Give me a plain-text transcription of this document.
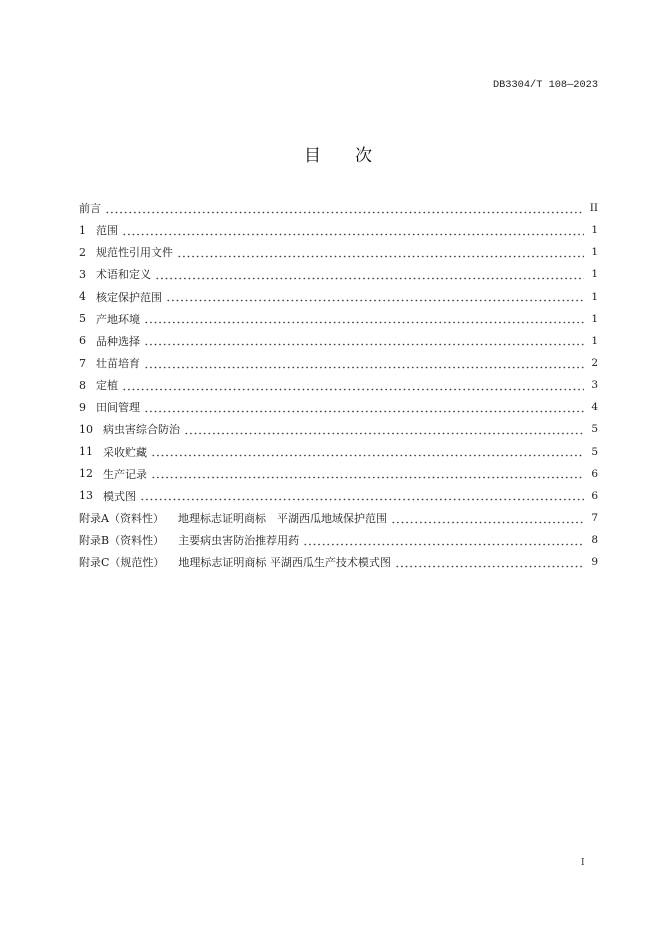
DB3304/T 108—2023
目　　次
前言	II
1 范围	1
2 规范性引用文件	1
3 术语和定义	1
4 核定保护范围	1
5 产地环境	1
6 品种选择	1
7 壮苗培育	2
8 定植	3
9 田间管理	4
10 病虫害综合防治	5
11 采收贮藏	5
12 生产记录	6
13 模式图	6
附录A（资料性） 地理标志证明商标　平湖西瓜地域保护范围	7
附录B（资料性） 主要病虫害防治推荐用药	8
附录C（规范性） 地理标志证明商标 平湖西瓜生产技术模式图	9
I
